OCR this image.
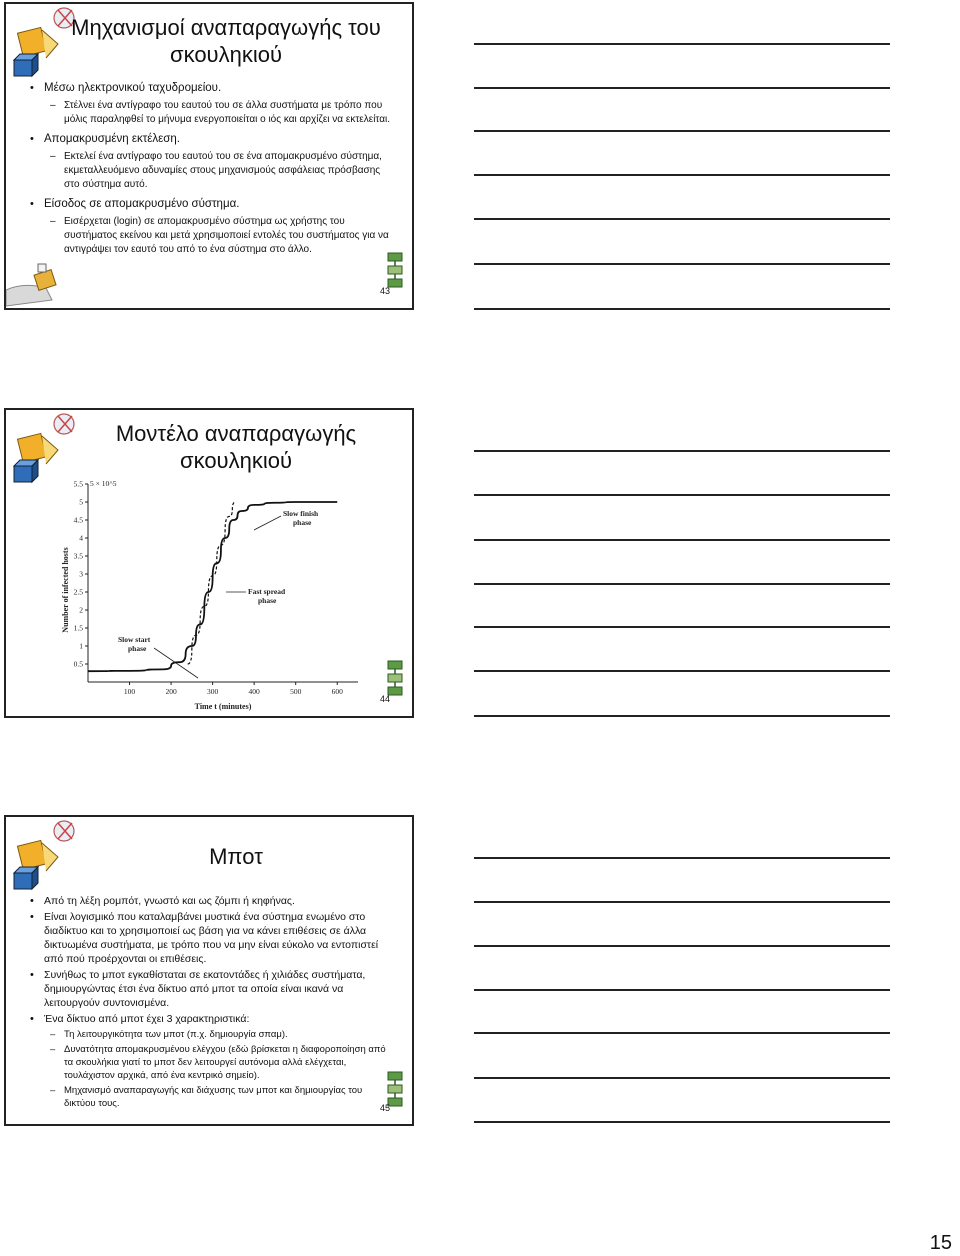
Μηχανισμοί αναπαραγωγής του σκουληκιού
• Μέσω ηλεκτρονικού ταχυδρομείου.
– Στέλνει ένα αντίγραφο του εαυτού του σε άλλα συστήματα με τρόπο που μόλις παραληφθεί το μήνυμα ενεργοποιείται ο ιός και αρχίζει να εκτελείται.
• Απομακρυσμένη εκτέλεση.
– Εκτελεί ένα αντίγραφο του εαυτού του σε ένα απομακρυσμένο σύστημα, εκμεταλλευόμενο αδυναμίες στους μηχανισμούς ασφάλειας πρόσβασης στο σύστημα αυτό.
• Είσοδος σε απομακρυσμένο σύστημα.
– Εισέρχεται (login) σε απομακρυσμένο σύστημα ως χρήστης του συστήματος εκείνου και μετά χρησιμοποιεί εντολές του συστήματος για να αντιγράψει τον εαυτό του από το ένα σύστημα στο άλλο.
43
Μοντέλο αναπαραγωγής σκουληκιού
5 × 10^5
Number of infected hosts
Time t (minutes)
100	200	300	400	500	600
0.5
1
1.5
2
2.5
3
3.5
4
4.5
5
5.5
Slow start
phase
Fast spread
phase
Slow finish
phase
44
Μποτ
• Από τη λέξη ρομπότ, γνωστό και ως ζόμπι ή κηφήνας.
• Είναι λογισμικό που καταλαμβάνει μυστικά ένα σύστημα ενωμένο στο διαδίκτυο και το χρησιμοποιεί ως βάση για να κάνει επιθέσεις σε άλλα δικτυωμένα συστήματα, με τρόπο που να μην είναι εύκολο να εντοπιστεί από πού προέρχονται οι επιθέσεις.
• Συνήθως το μποτ εγκαθίσταται σε εκατοντάδες ή χιλιάδες συστήματα, δημιουργώντας έτσι ένα δίκτυο από μποτ τα οποία είναι ικανά να λειτουργούν συντονισμένα.
• Ένα δίκτυο από μποτ έχει 3 χαρακτηριστικά:
– Τη λειτουργικότητα των μποτ (π.χ. δημιουργία σπαμ).
– Δυνατότητα απομακρυσμένου ελέγχου (εδώ βρίσκεται η διαφοροποίηση από τα σκουλήκια γιατί το μποτ δεν λειτουργεί αυτόνομα αλλά ελέγχεται, τουλάχιστον αρχικά, από ένα κεντρικό σημείο).
– Μηχανισμό αναπαραγωγής και διάχυσης των μποτ και δημιουργίας του δικτύου τους.	45
15
